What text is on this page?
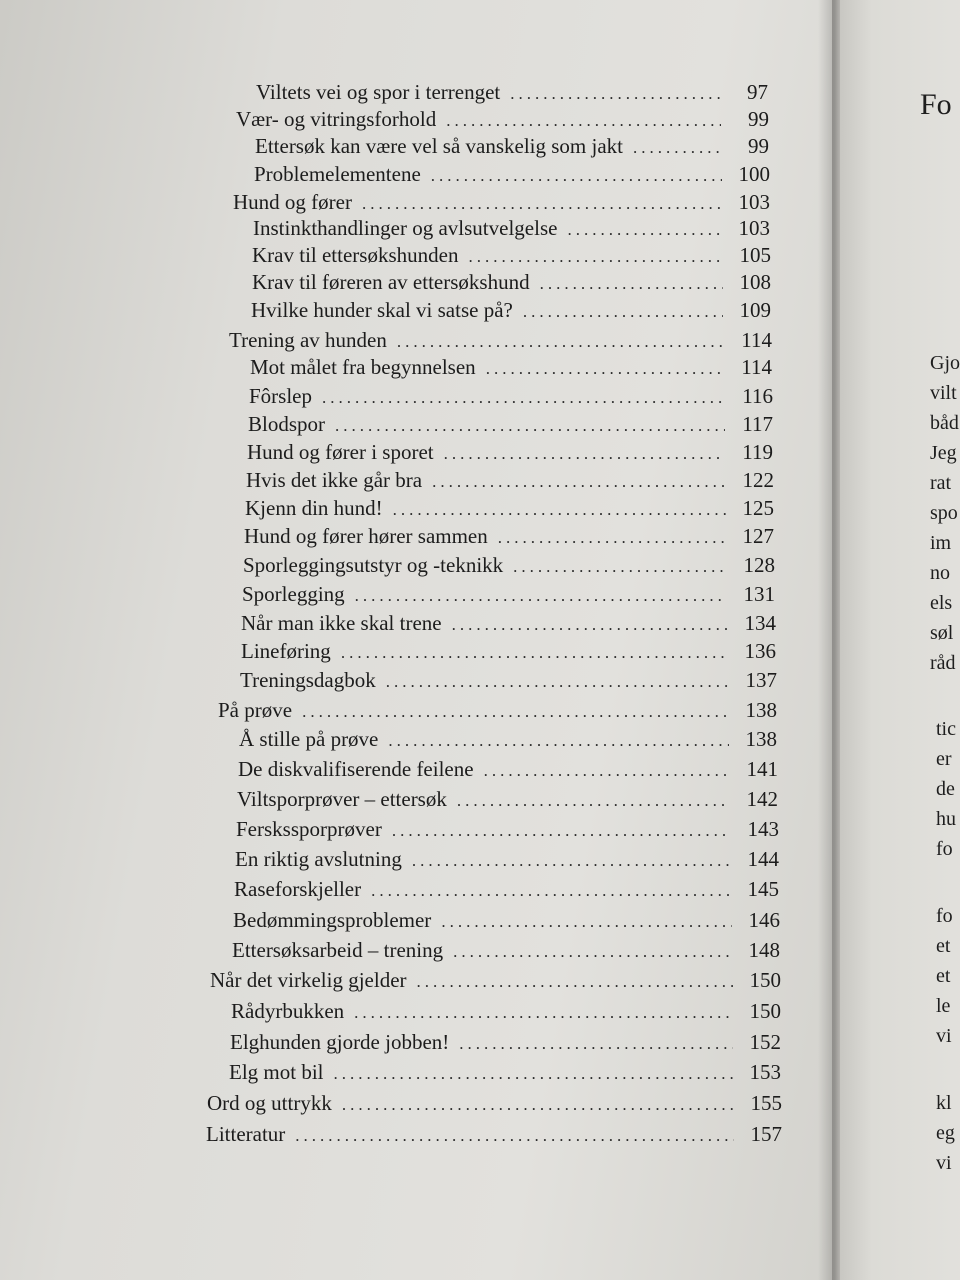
Fo
Gjo
vilt
båd
Jeg
rat
spo
im
no
els
søl
råd
tic
er
de
hu
fo
fo
et
et
le
vi
kl
eg
vi
Viltets vei og spor i terrenget .....	97
Vær- og vitringsforhold .....	99
Ettersøk kan være vel så vanskelig som jakt .....	99
Problemelementene .....	100
Hund og fører .....	103
Instinkthandlinger og avlsutvelgelse .....	103
Krav til ettersøkshunden .....	105
Krav til føreren av ettersøkshund .....	108
Hvilke hunder skal vi satse på? .....	109
Trening av hunden .....	114
Mot målet fra begynnelsen .....	114
Fôrslep .....	116
Blodspor .....	117
Hund og fører i sporet .....	119
Hvis det ikke går bra .....	122
Kjenn din hund! .....	125
Hund og fører hører sammen .....	127
Sporleggingsutstyr og -teknikk .....	128
Sporlegging .....	131
Når man ikke skal trene .....	134
Lineføring .....	136
Treningsdagbok .....	137
På prøve .....	138
Å stille på prøve .....	138
De diskvalifiserende feilene .....	141
Viltsporprøver – ettersøk .....	142
Ferskssporprøver .....	143
En riktig avslutning .....	144
Raseforskjeller .....	145
Bedømmingsproblemer .....	146
Ettersøksarbeid – trening .....	148
Når det virkelig gjelder .....	150
Rådyrbukken .....	150
Elghunden gjorde jobben! .....	152
Elg mot bil .....	153
Ord og uttrykk .....	155
Litteratur .....	157
